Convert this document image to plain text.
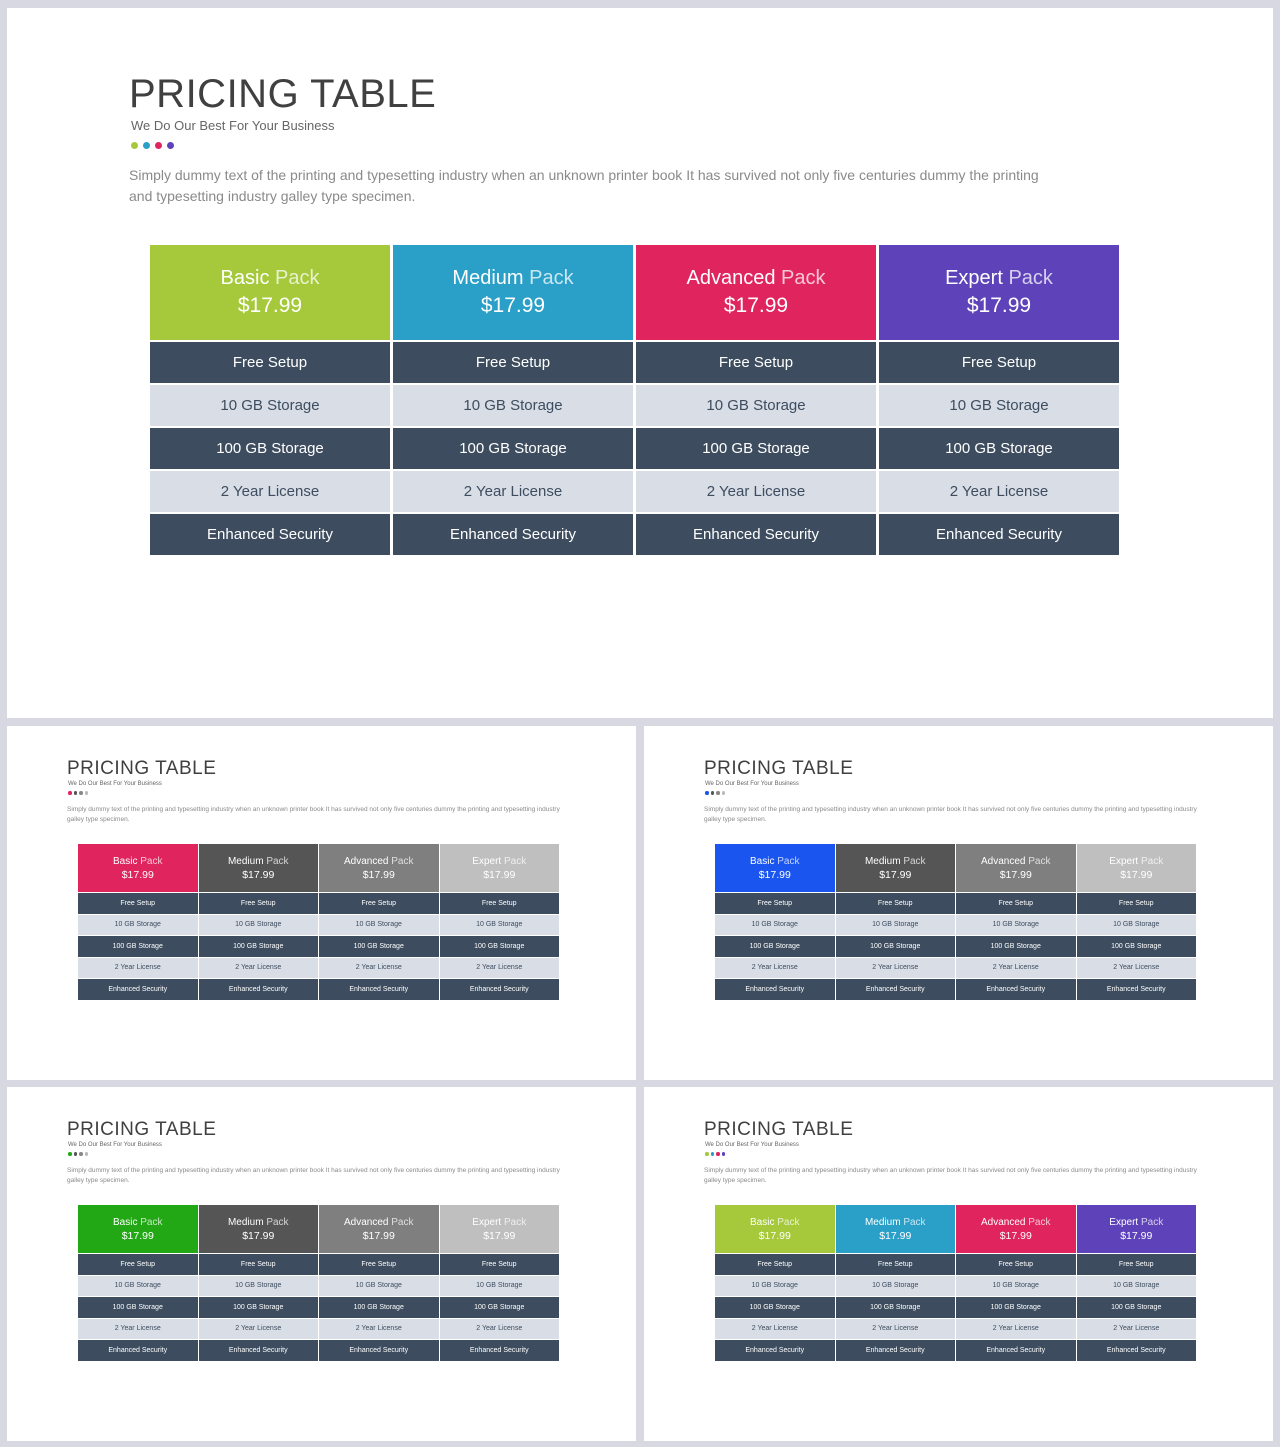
PRICING TABLE
We Do Our Best For Your Business
Simply dummy text of the printing and typesetting industry when an unknown printer book It has survived not only five centuries dummy the printing and typesetting industry galley type specimen.
Basic Pack
$17.99
Free Setup
10 GB Storage
100 GB Storage
2 Year License
Enhanced Security
Medium Pack
$17.99
Free Setup
10 GB Storage
100 GB Storage
2 Year License
Enhanced Security
Advanced Pack
$17.99
Free Setup
10 GB Storage
100 GB Storage
2 Year License
Enhanced Security
Expert Pack
$17.99
Free Setup
10 GB Storage
100 GB Storage
2 Year License
Enhanced Security
PRICING TABLE
We Do Our Best For Your Business
Simply dummy text of the printing and typesetting industry when an unknown printer book It has survived not only five centuries dummy the printing and typesetting industry galley type specimen.
Basic Pack
$17.99
Free Setup
10 GB Storage
100 GB Storage
2 Year License
Enhanced Security
Medium Pack
$17.99
Free Setup
10 GB Storage
100 GB Storage
2 Year License
Enhanced Security
Advanced Pack
$17.99
Free Setup
10 GB Storage
100 GB Storage
2 Year License
Enhanced Security
Expert Pack
$17.99
Free Setup
10 GB Storage
100 GB Storage
2 Year License
Enhanced Security
PRICING TABLE
We Do Our Best For Your Business
Simply dummy text of the printing and typesetting industry when an unknown printer book It has survived not only five centuries dummy the printing and typesetting industry galley type specimen.
Basic Pack
$17.99
Free Setup
10 GB Storage
100 GB Storage
2 Year License
Enhanced Security
Medium Pack
$17.99
Free Setup
10 GB Storage
100 GB Storage
2 Year License
Enhanced Security
Advanced Pack
$17.99
Free Setup
10 GB Storage
100 GB Storage
2 Year License
Enhanced Security
Expert Pack
$17.99
Free Setup
10 GB Storage
100 GB Storage
2 Year License
Enhanced Security
PRICING TABLE
We Do Our Best For Your Business
Simply dummy text of the printing and typesetting industry when an unknown printer book It has survived not only five centuries dummy the printing and typesetting industry galley type specimen.
Basic Pack
$17.99
Free Setup
10 GB Storage
100 GB Storage
2 Year License
Enhanced Security
Medium Pack
$17.99
Free Setup
10 GB Storage
100 GB Storage
2 Year License
Enhanced Security
Advanced Pack
$17.99
Free Setup
10 GB Storage
100 GB Storage
2 Year License
Enhanced Security
Expert Pack
$17.99
Free Setup
10 GB Storage
100 GB Storage
2 Year License
Enhanced Security
PRICING TABLE
We Do Our Best For Your Business
Simply dummy text of the printing and typesetting industry when an unknown printer book It has survived not only five centuries dummy the printing and typesetting industry galley type specimen.
Basic Pack
$17.99
Free Setup
10 GB Storage
100 GB Storage
2 Year License
Enhanced Security
Medium Pack
$17.99
Free Setup
10 GB Storage
100 GB Storage
2 Year License
Enhanced Security
Advanced Pack
$17.99
Free Setup
10 GB Storage
100 GB Storage
2 Year License
Enhanced Security
Expert Pack
$17.99
Free Setup
10 GB Storage
100 GB Storage
2 Year License
Enhanced Security
